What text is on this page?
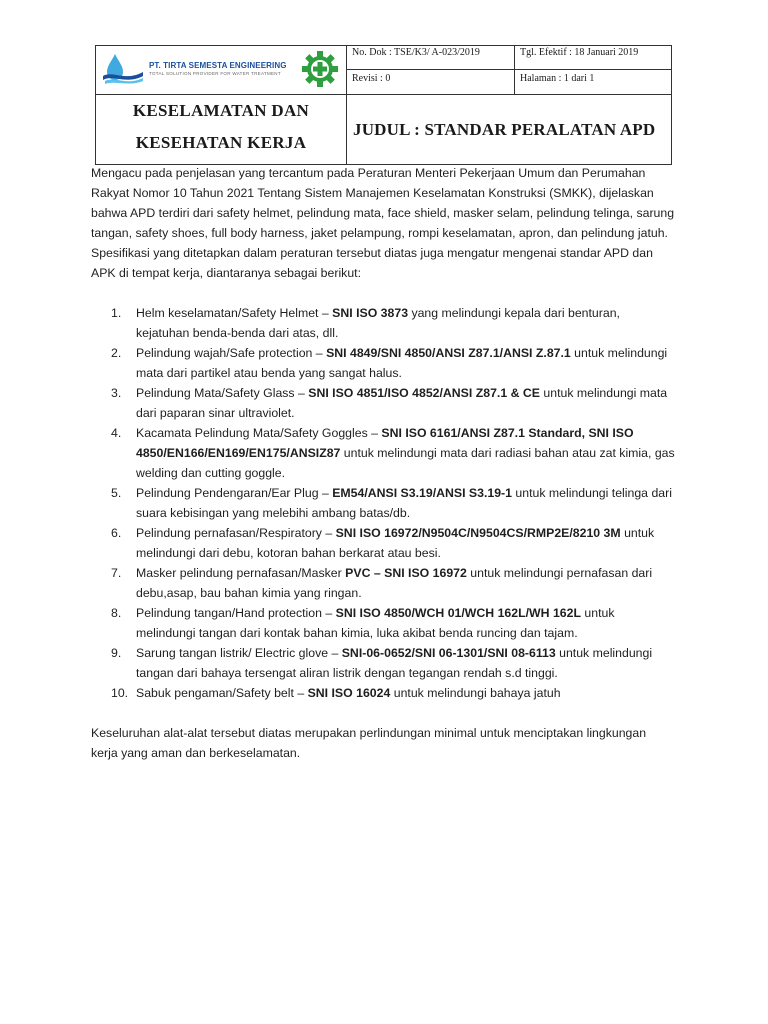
PT. TIRTA SEMESTA ENGINEERING
TOTAL SOLUTION PROVIDER FOR WATER TREATMENT
No. Dok : TSE/K3/ A-023/2019	Tgl. Efektif : 18 Januari 2019
Revisi : 0	Halaman : 1 dari 1
KESELAMATAN DAN
KESEHATAN KERJA
JUDUL : STANDAR PERALATAN APD

Mengacu pada penjelasan yang tercantum pada Peraturan Menteri Pekerjaan Umum dan Perumahan Rakyat Nomor 10 Tahun 2021 Tentang Sistem Manajemen Keselamatan Konstruksi (SMKK), dijelaskan bahwa APD terdiri dari safety helmet, pelindung mata, face shield, masker selam, pelindung telinga, sarung tangan, safety shoes, full body harness, jaket pelampung, rompi keselamatan, apron, dan pelindung jatuh.

Spesifikasi yang ditetapkan dalam peraturan tersebut diatas juga mengatur mengenai standar APD dan APK di tempat kerja, diantaranya sebagai berikut:

1. Helm keselamatan/Safety Helmet – SNI ISO 3873 yang melindungi kepala dari benturan, kejatuhan benda-benda dari atas, dll.
2. Pelindung wajah/Safe protection – SNI 4849/SNI 4850/ANSI Z87.1/ANSI Z.87.1 untuk melindungi mata dari partikel atau benda yang sangat halus.
3. Pelindung Mata/Safety Glass – SNI ISO 4851/ISO 4852/ANSI Z87.1 & CE untuk melindungi mata dari paparan sinar ultraviolet.
4. Kacamata Pelindung Mata/Safety Goggles – SNI ISO 6161/ANSI Z87.1 Standard, SNI ISO 4850/EN166/EN169/EN175/ANSIZ87 untuk melindungi mata dari radiasi bahan atau zat kimia, gas welding dan cutting goggle.
5. Pelindung Pendengaran/Ear Plug – EM54/ANSI S3.19/ANSI S3.19-1 untuk melindungi telinga dari suara kebisingan yang melebihi ambang batas/db.
6. Pelindung pernafasan/Respiratory – SNI ISO 16972/N9504C/N9504CS/RMP2E/8210 3M untuk melindungi dari debu, kotoran bahan berkarat atau besi.
7. Masker pelindung pernafasan/Masker PVC – SNI ISO 16972 untuk melindungi pernafasan dari debu,asap, bau bahan kimia yang ringan.
8. Pelindung tangan/Hand protection – SNI ISO 4850/WCH 01/WCH 162L/WH 162L untuk melindungi tangan dari kontak bahan kimia, luka akibat benda runcing dan tajam.
9. Sarung tangan listrik/ Electric glove – SNI-06-0652/SNI 06-1301/SNI 08-6113 untuk melindungi tangan dari bahaya tersengat aliran listrik dengan tegangan rendah s.d tinggi.
10. Sabuk pengaman/Safety belt – SNI ISO 16024 untuk melindungi bahaya jatuh

Keseluruhan alat-alat tersebut diatas merupakan perlindungan minimal untuk menciptakan lingkungan kerja yang aman dan berkeselamatan.
